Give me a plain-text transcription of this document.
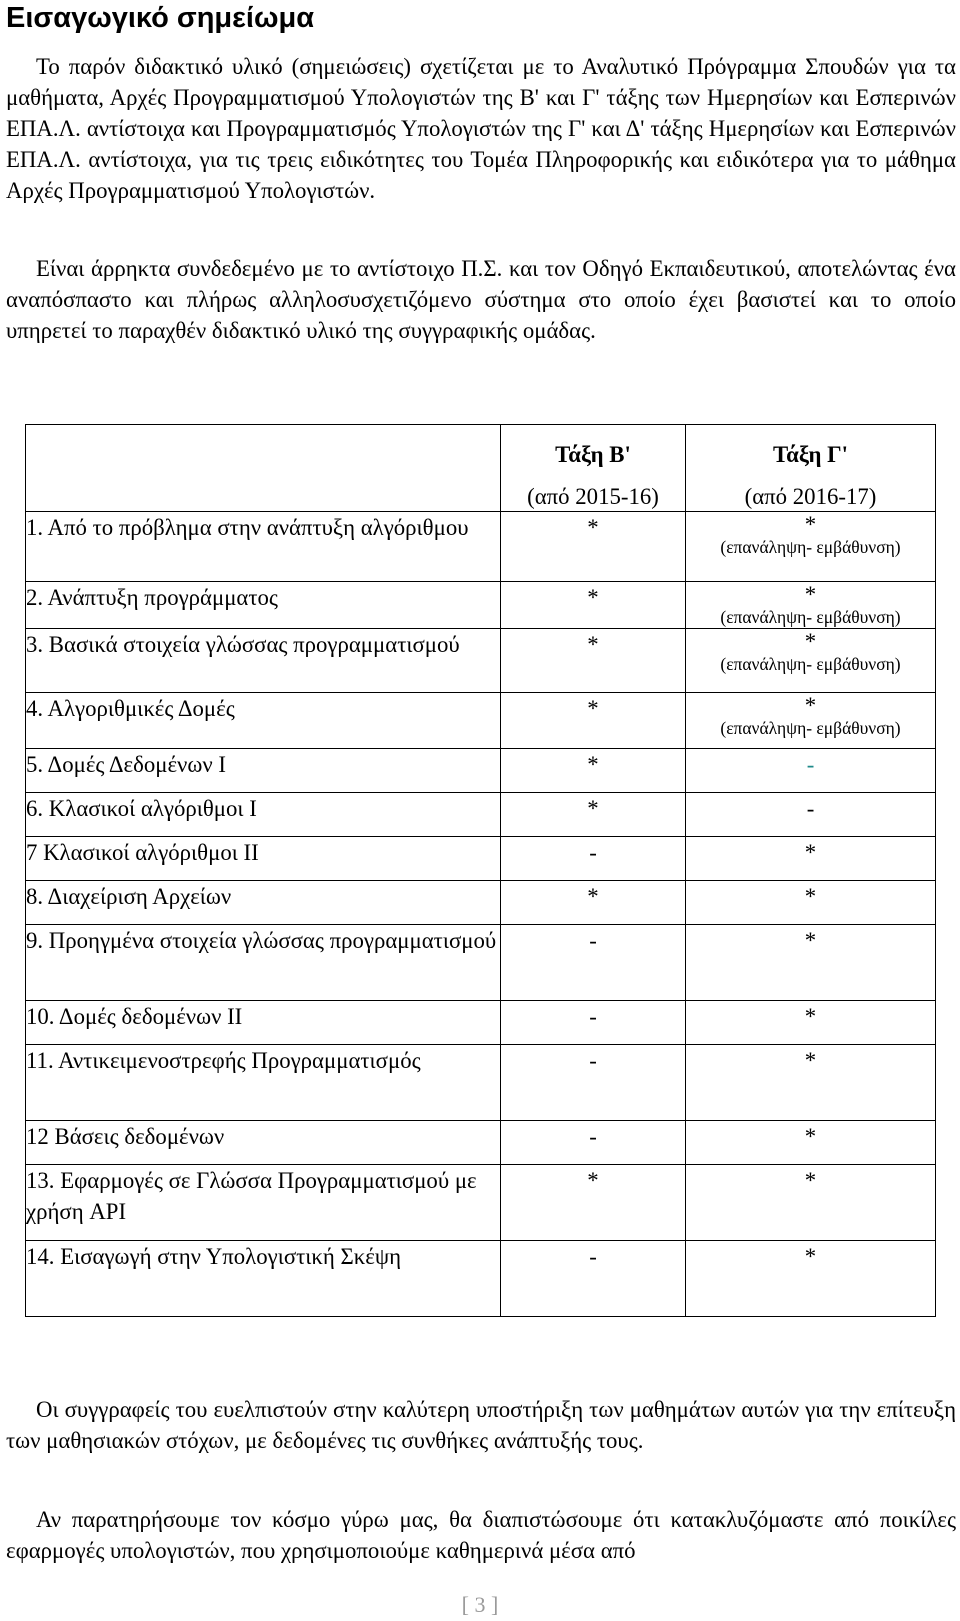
Εισαγωγικό σημείωμα

Το παρόν διδακτικό υλικό (σημειώσεις) σχετίζεται με το Αναλυτικό Πρόγραμμα Σπουδών για τα μαθήματα, Αρχές Προγραμματισμού Υπολογιστών της Β' και Γ' τάξης των Ημερησίων και Εσπερινών ΕΠΑ.Λ. αντίστοιχα και Προγραμματισμός Υπολογιστών της Γ' και Δ' τάξης Ημερησίων και Εσπερινών ΕΠΑ.Λ. αντίστοιχα, για τις τρεις ειδικότητες του Τομέα Πληροφορικής και ειδικότερα για το μάθημα Αρχές Προγραμματισμού Υπολογιστών.

Είναι άρρηκτα συνδεδεμένο με το αντίστοιχο Π.Σ. και τον Οδηγό Εκπαιδευτικού, αποτελώντας ένα αναπόσπαστο και πλήρως αλληλοσυσχετιζόμενο σύστημα στο οποίο έχει βασιστεί και το οποίο υπηρετεί το παραχθέν διδακτικό υλικό της συγγραφικής ομάδας.

	Τάξη Β'
(από 2015-16)	Τάξη Γ'
(από 2016-17)

1. Από το πρόβλημα στην ανάπτυξη αλγόριθμου	*	*
(επανάληψη- εμβάθυνση)

2. Ανάπτυξη προγράμματος	*	*
(επανάληψη- εμβάθυνση)

3. Βασικά στοιχεία γλώσσας προγραμματισμού	*	*
(επανάληψη- εμβάθυνση)

4. Αλγοριθμικές Δομές	*	*
(επανάληψη- εμβάθυνση)

5. Δομές Δεδομένων Ι	*	-
6. Κλασικοί αλγόριθμοι Ι	*	-
7 Κλασικοί αλγόριθμοι ΙΙ	-	*
8. Διαχείριση Αρχείων	*	*
9. Προηγμένα στοιχεία γλώσσας προγραμματισμού	-	*
10. Δομές δεδομένων ΙΙ	-	*
11. Αντικειμενοστρεφής Προγραμματισμός	-	*
12 Βάσεις δεδομένων	-	*
13. Εφαρμογές σε Γλώσσα Προγραμματισμού με χρήση API	*	*
14. Εισαγωγή στην Υπολογιστική Σκέψη	-	*

Οι συγγραφείς του ευελπιστούν στην καλύτερη υποστήριξη των μαθημάτων αυτών για την επίτευξη των μαθησιακών στόχων, με δεδομένες τις συνθήκες ανάπτυξής τους.

Αν παρατηρήσουμε τον κόσμο γύρω μας, θα διαπιστώσουμε ότι κατακλυζόμαστε από ποικίλες εφαρμογές υπολογιστών, που χρησιμοποιούμε καθημερινά μέσα από

[ 3 ]
